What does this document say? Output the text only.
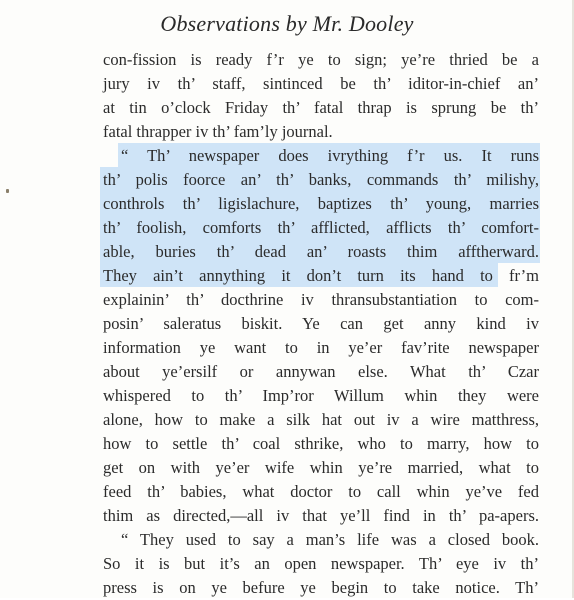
Observations by Mr. Dooley
con-fission is ready f’r ye to sign; ye’re thried be a
jury iv th’ staff, sintinced be th’ iditor-in-chief an’
at tin o’clock Friday th’ fatal thrap is sprung be th’
fatal thrapper iv th’ fam’ly journal.
“ Th’ newspaper does ivrything f’r us. It runs
th’ polis foorce an’ th’ banks, commands th’ milishy,
conthrols th’ ligislachure, baptizes th’ young, marries
th’ foolish, comforts th’ afflicted, afflicts th’ comfort-
able, buries th’ dead an’ roasts thim afftherward.
They ain’t annything it don’t turn its hand to fr’m
explainin’ th’ docthrine iv thransubstantiation to com-
posin’ saleratus biskit. Ye can get anny kind iv
information ye want to in ye’er fav’rite newspaper
about ye’ersilf or annywan else. What th’ Czar
whispered to th’ Imp’ror Willum whin they were
alone, how to make a silk hat out iv a wire matthress,
how to settle th’ coal sthrike, who to marry, how to
get on with ye’er wife whin ye’re married, what to
feed th’ babies, what doctor to call whin ye’ve fed
thim as directed,—all iv that ye’ll find in th’ pa-apers.
“ They used to say a man’s life was a closed book.
So it is but it’s an open newspaper. Th’ eye iv th’
press is on ye befure ye begin to take notice. Th’
